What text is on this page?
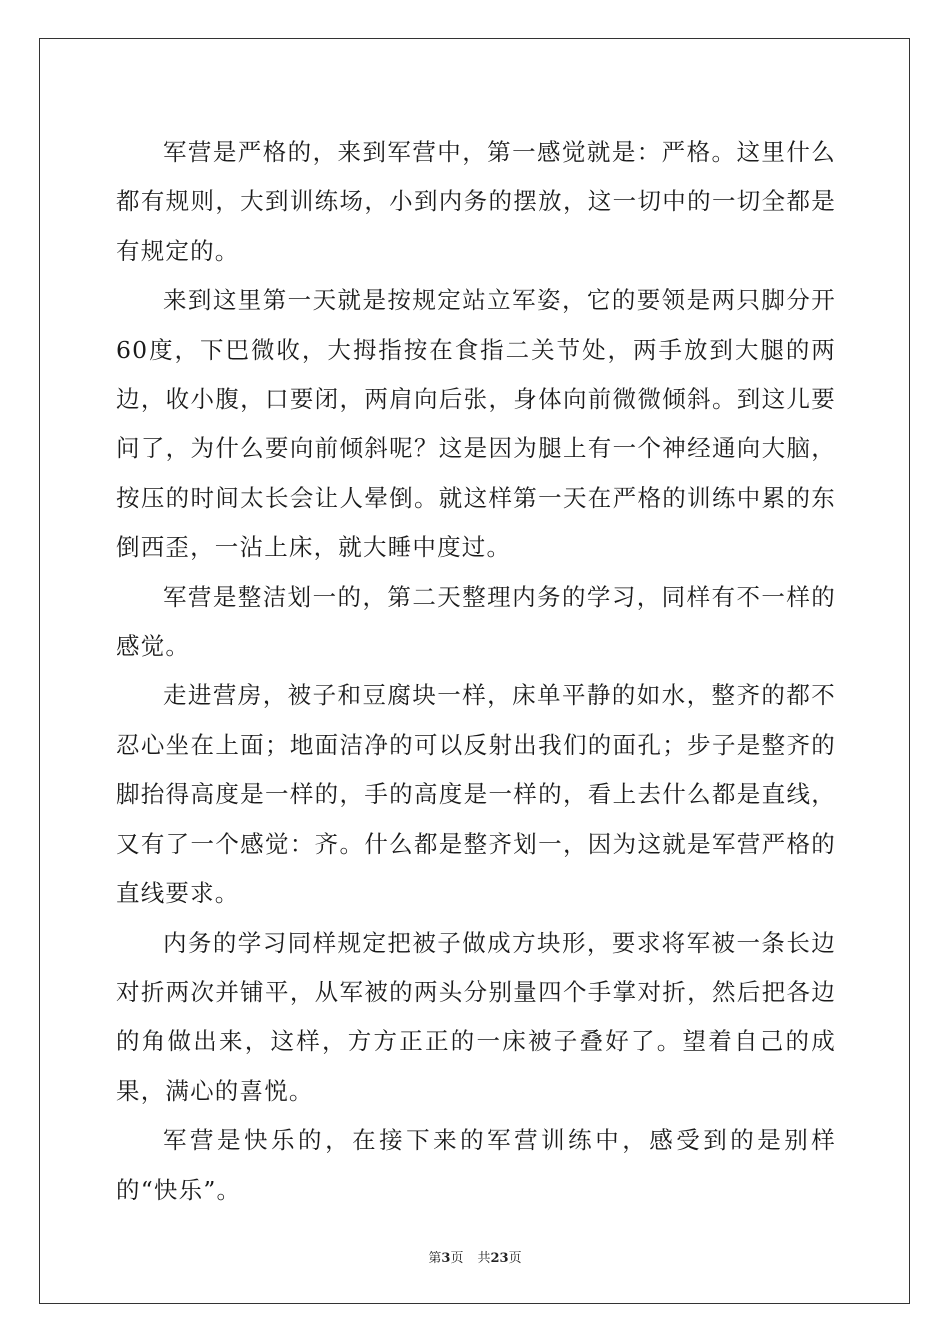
军营是严格的，来到军营中，第一感觉就是：严格。这里什么都有规则，大到训练场，小到内务的摆放，这一切中的一切全都是有规定的。

来到这里第一天就是按规定站立军姿，它的要领是两只脚分开60度，下巴微收，大拇指按在食指二关节处，两手放到大腿的两边，收小腹，口要闭，两肩向后张，身体向前微微倾斜。到这儿要问了，为什么要向前倾斜呢？这是因为腿上有一个神经通向大脑，按压的时间太长会让人晕倒。就这样第一天在严格的训练中累的东倒西歪，一沾上床，就大睡中度过。

军营是整洁划一的，第二天整理内务的学习，同样有不一样的感觉。

走进营房，被子和豆腐块一样，床单平静的如水，整齐的都不忍心坐在上面；地面洁净的可以反射出我们的面孔；步子是整齐的脚抬得高度是一样的，手的高度是一样的，看上去什么都是直线，又有了一个感觉：齐。什么都是整齐划一，因为这就是军营严格的直线要求。

内务的学习同样规定把被子做成方块形，要求将军被一条长边对折两次并铺平，从军被的两头分别量四个手掌对折，然后把各边的角做出来，这样，方方正正的一床被子叠好了。望着自己的成果，满心的喜悦。

军营是快乐的，在接下来的军营训练中，感受到的是别样的“快乐”。

第3页 共23页
